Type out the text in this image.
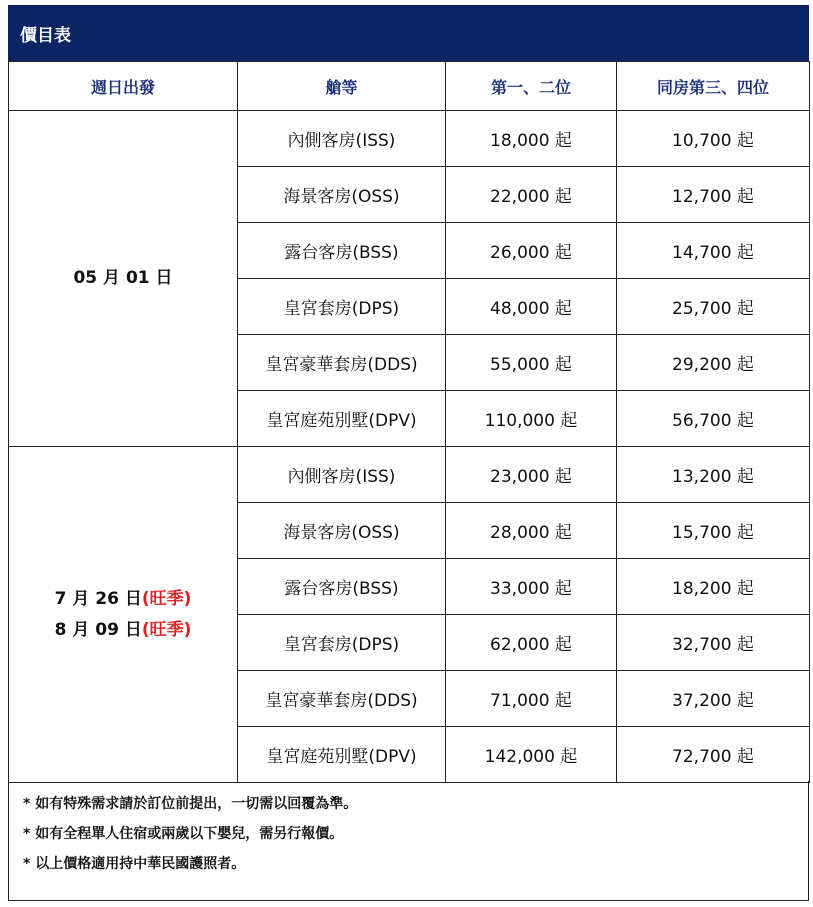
價目表
週日出發	艙等	第一、二位	同房第三、四位

05 月 01 日	內側客房(ISS)	18,000 起	10,700 起
	海景客房(OSS)	22,000 起	12,700 起
	露台客房(BSS)	26,000 起	14,700 起
	皇宮套房(DPS)	48,000 起	25,700 起
	皇宮豪華套房(DDS)	55,000 起	29,200 起
	皇宮庭苑別墅(DPV)	110,000 起	56,700 起

7 月 26 日(旺季)
8 月 09 日(旺季)	內側客房(ISS)	23,000 起	13,200 起
	海景客房(OSS)	28,000 起	15,700 起
	露台客房(BSS)	33,000 起	18,200 起
	皇宮套房(DPS)	62,000 起	32,700 起
	皇宮豪華套房(DDS)	71,000 起	37,200 起
	皇宮庭苑別墅(DPV)	142,000 起	72,700 起
* 如有特殊需求請於訂位前提出，一切需以回覆為準。
* 如有全程單人住宿或兩歲以下嬰兒，需另行報價。
* 以上價格適用持中華民國護照者。
